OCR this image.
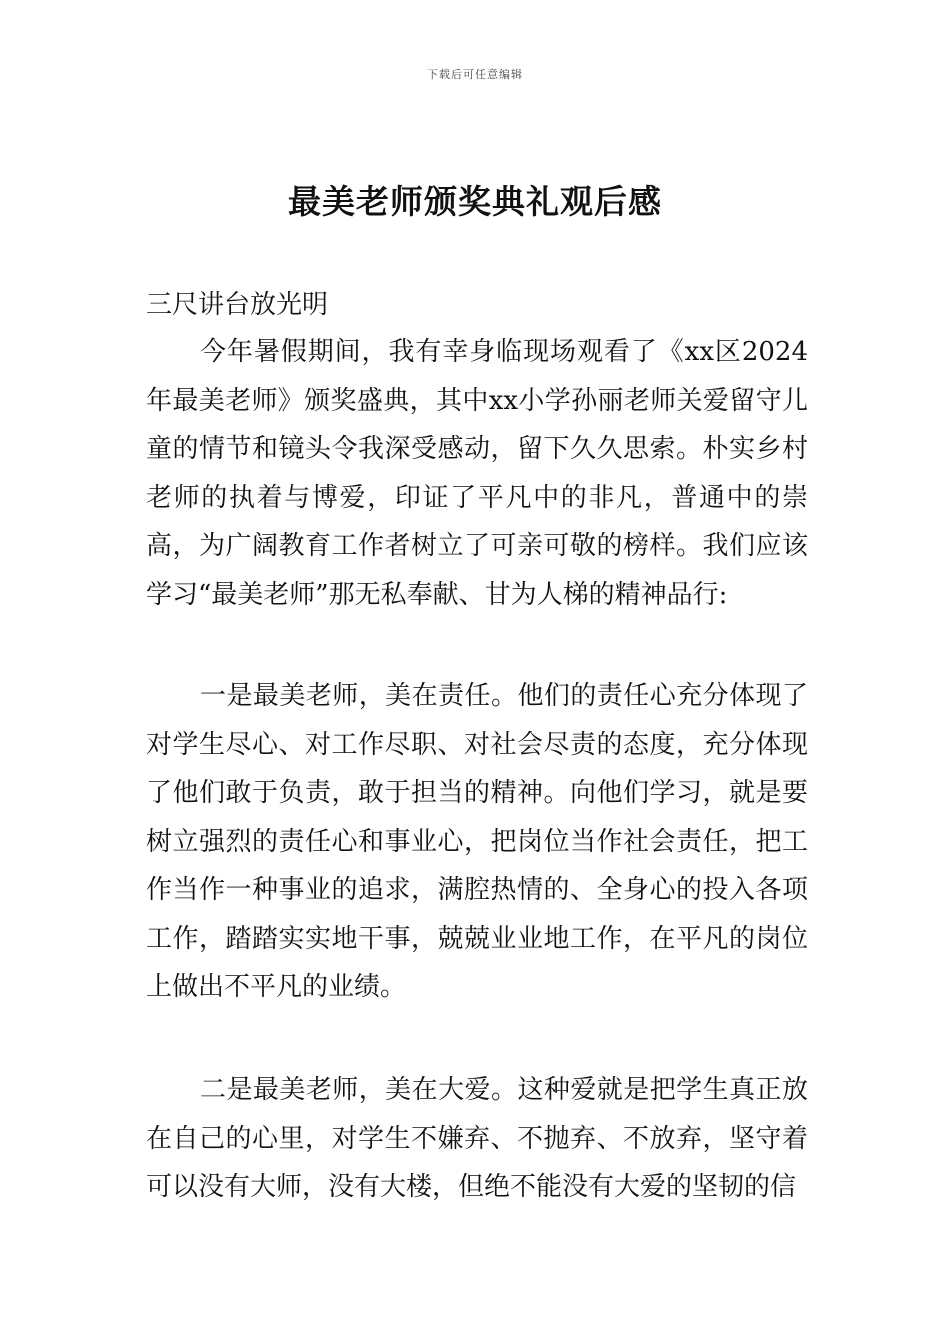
下载后可任意编辑
最美老师颁奖典礼观后感

三尺讲台放光明

今年暑假期间，我有幸身临现场观看了《xx区2024年最美老师》颁奖盛典，其中xx小学孙丽老师关爱留守儿童的情节和镜头令我深受感动，留下久久思索。朴实乡村老师的执着与博爱，印证了平凡中的非凡，普通中的崇高，为广阔教育工作者树立了可亲可敬的榜样。我们应该学习“最美老师”那无私奉献、甘为人梯的精神品行:

一是最美老师，美在责任。他们的责任心充分体现了对学生尽心、对工作尽职、对社会尽责的态度，充分体现了他们敢于负责，敢于担当的精神。向他们学习，就是要树立强烈的责任心和事业心，把岗位当作社会责任，把工作当作一种事业的追求，满腔热情的、全身心的投入各项工作，踏踏实实地干事，兢兢业业地工作，在平凡的岗位上做出不平凡的业绩。

二是最美老师，美在大爱。这种爱就是把学生真正放在自己的心里，对学生不嫌弃、不抛弃、不放弃，坚守着可以没有大师，没有大楼，但绝不能没有大爱的坚韧的信
